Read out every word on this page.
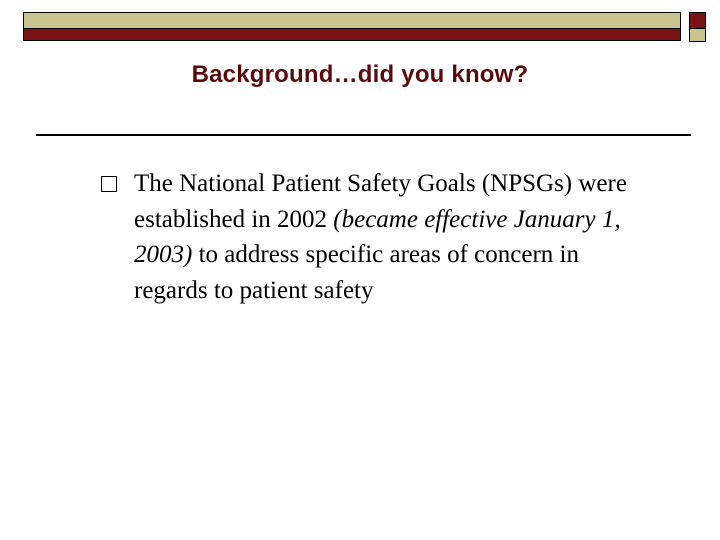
Background…did you know?
The National Patient Safety Goals (NPSGs) were established in 2002 (became effective January 1, 2003) to address specific areas of concern in regards to patient safety
